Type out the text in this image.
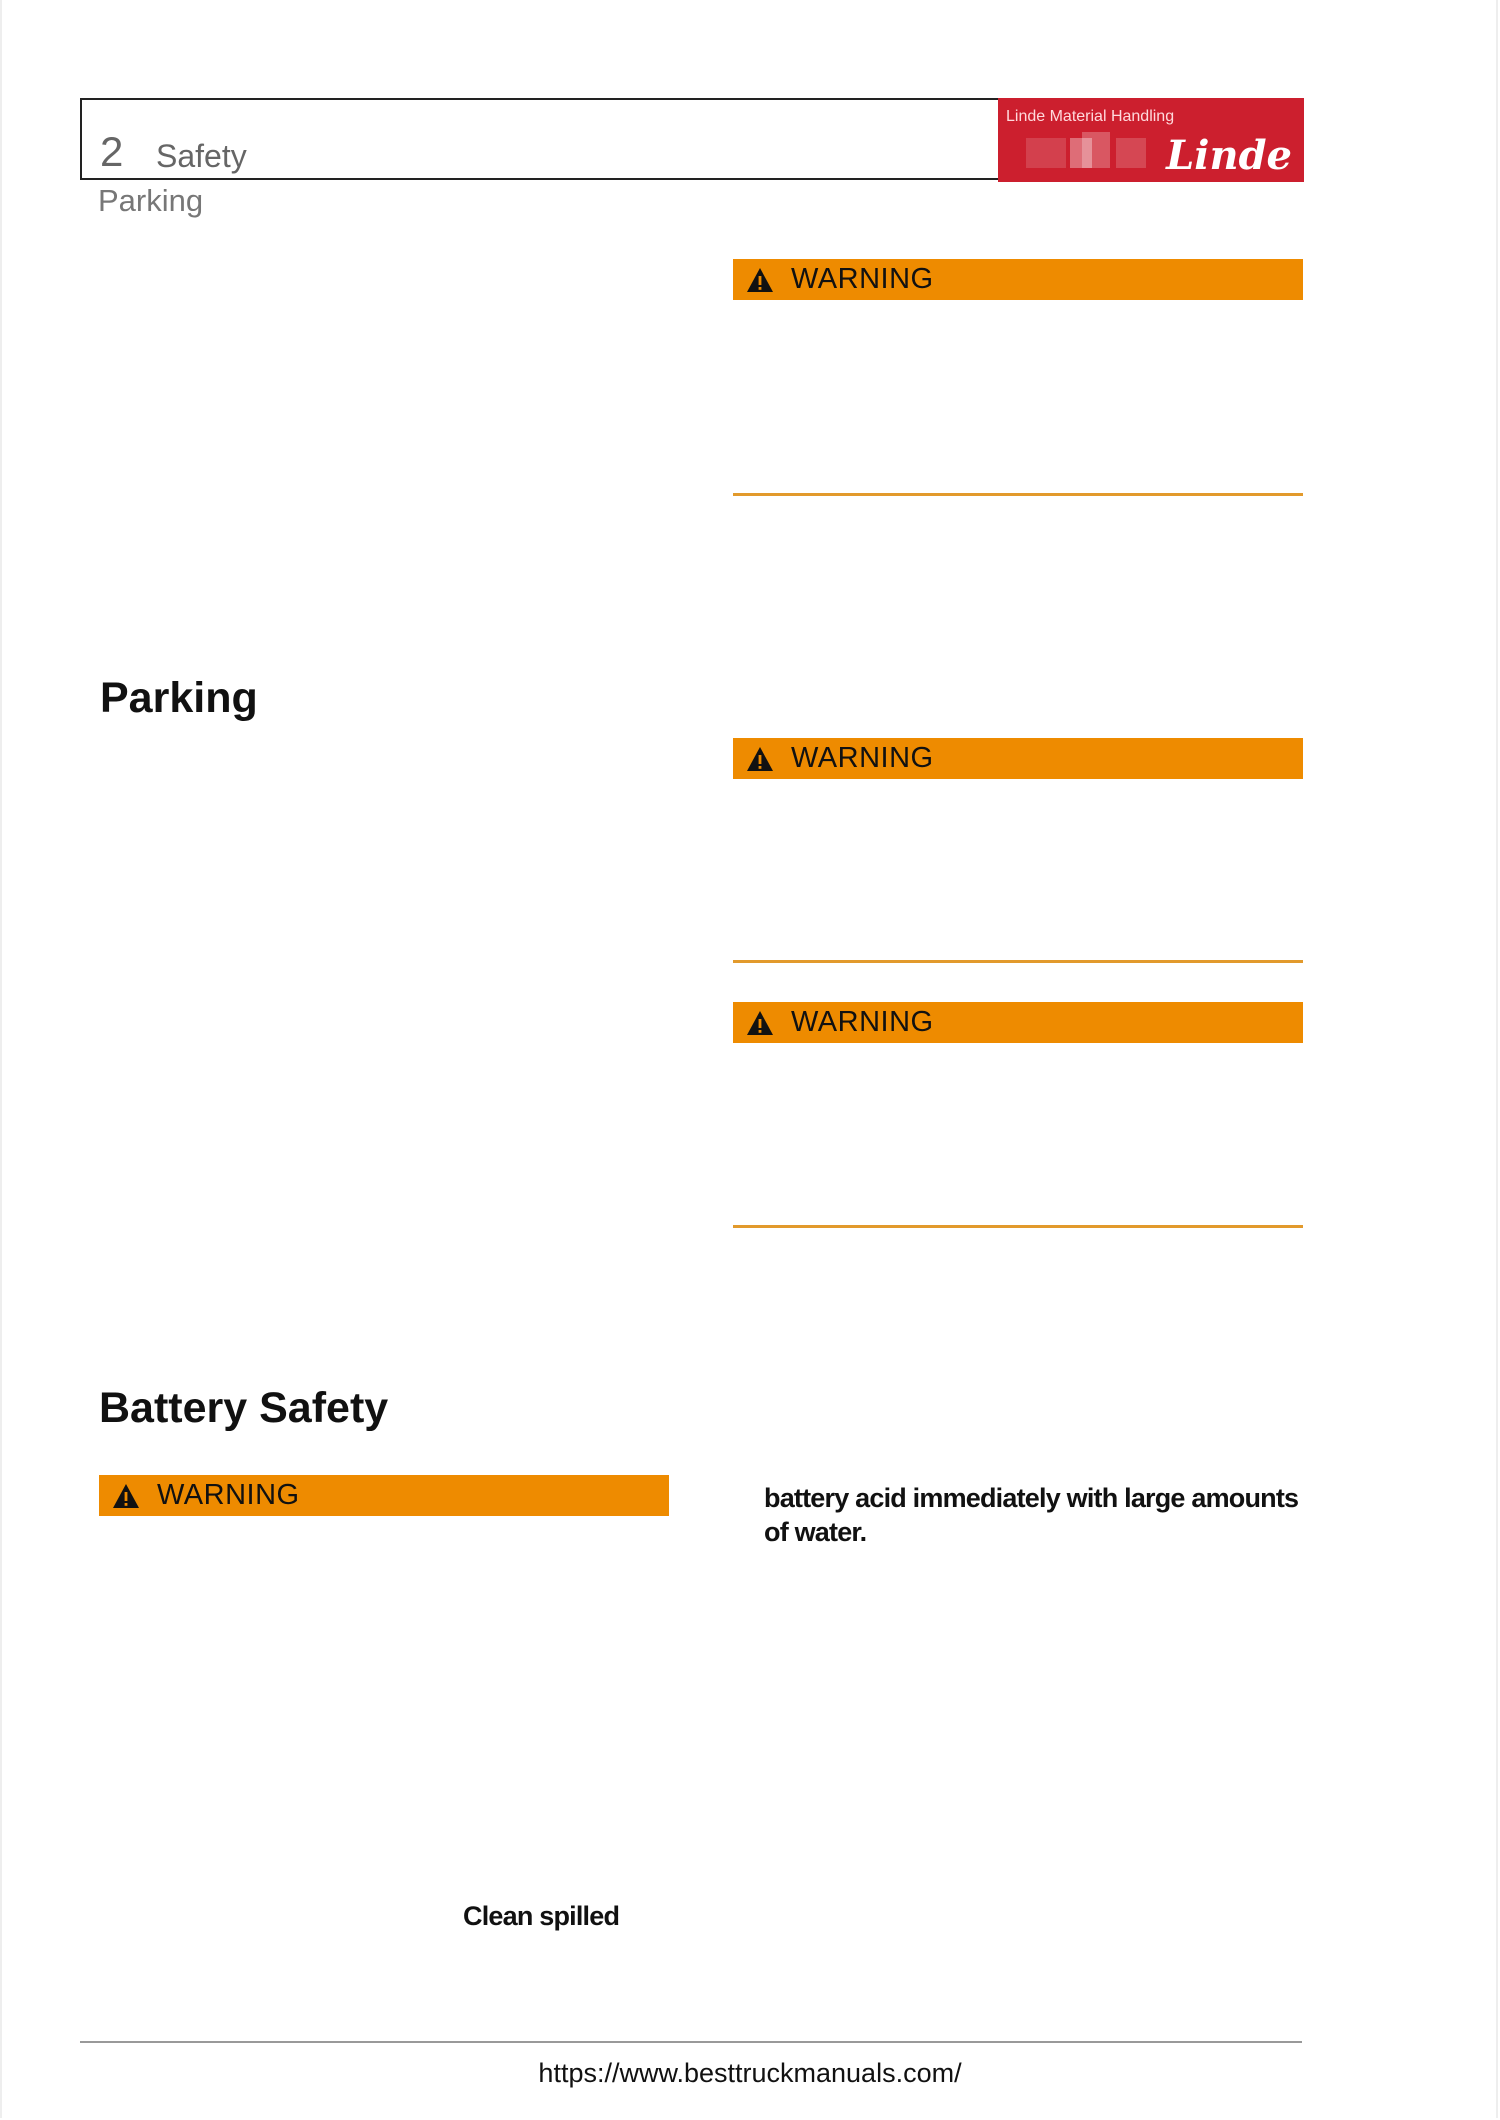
2 Safety
Linde Material Handling
Linde
Parking
WARNING
Parking
WARNING
WARNING
Battery Safety
WARNING	battery acid immediately with large amounts
of water.
Clean spilled
https://www.besttruckmanuals.com/
